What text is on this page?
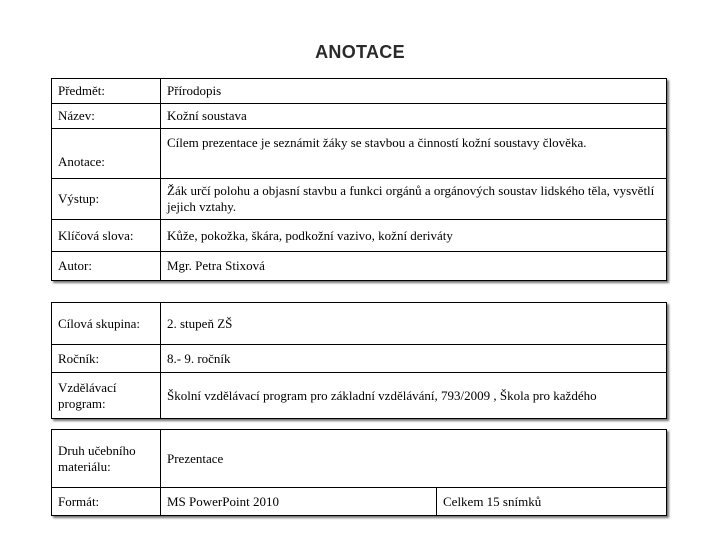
ANOTACE
Předmět:	Přírodopis
Název:	Kožní soustava
Anotace:	Cílem prezentace je seznámit žáky se stavbou a činností kožní soustavy člověka.
Výstup:	Žák určí polohu a objasní stavbu a funkci orgánů a orgánových soustav lidského těla, vysvětlí jejich vztahy.
Klíčová slova:	Kůže, pokožka, škára, podkožní vazivo, kožní deriváty
Autor:	Mgr. Petra Stixová
Cílová skupina:	2. stupeň ZŠ
Ročník:	8.- 9. ročník
Vzdělávací program:	Školní vzdělávací program pro základní vzdělávání, 793/2009 , Škola pro každého
Druh učebního materiálu:	Prezentace	
Formát:	MS PowerPoint 2010	Celkem 15 snímků
